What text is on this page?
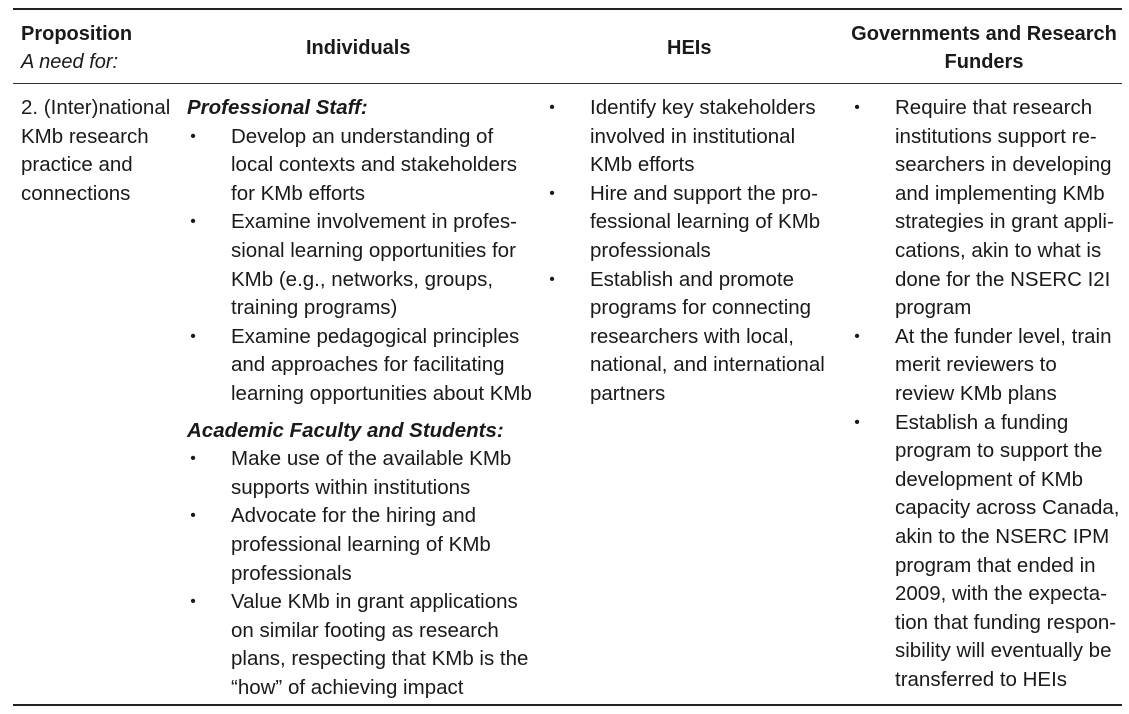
Proposition
A need for:
Individuals	HEIs
Governments and Research Funders
2. (Inter)national KMb research practice and connections
Professional Staff:
• Develop an understanding of local contexts and stakeholders for KMb efforts
• Examine involvement in profes-sional learning opportunities for KMb (e.g., networks, groups, training programs)
• Examine pedagogical principles and approaches for facilitating learning opportunities about KMb
Academic Faculty and Students:
• Make use of the available KMb supports within institutions
• Advocate for the hiring and professional learning of KMb professionals
• Value KMb in grant applications on similar footing as research plans, respecting that KMb is the “how” of achieving impact
• Identify key stakeholders involved in institutional KMb efforts
• Hire and support the pro-fessional learning of KMb professionals
• Establish and promote programs for connecting researchers with local, national, and international partners
• Require that research institutions support re-searchers in developing and implementing KMb strategies in grant appli-cations, akin to what is done for the NSERC I2I program
• At the funder level, train merit reviewers to review KMb plans
• Establish a funding program to support the development of KMb capacity across Canada, akin to the NSERC IPM program that ended in 2009, with the expecta-tion that funding respon-sibility will eventually be transferred to HEIs
